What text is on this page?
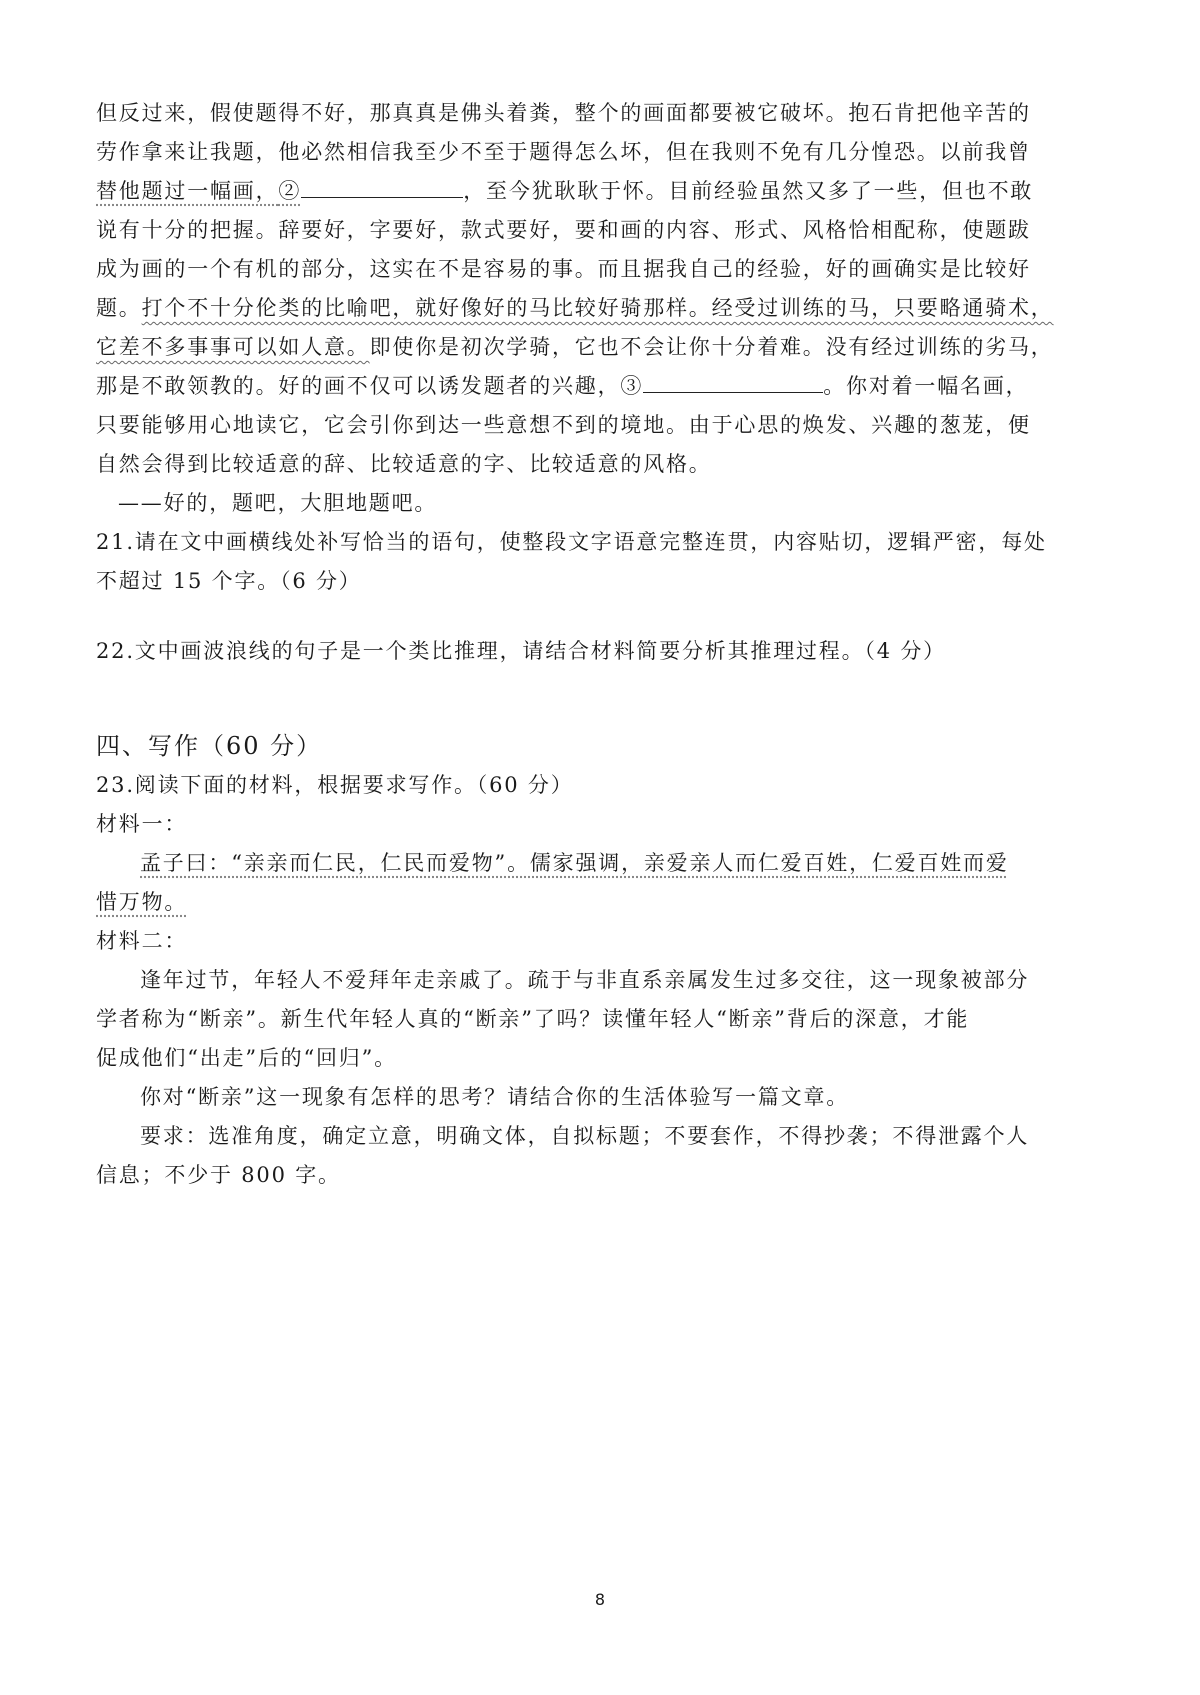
但反过来，假使题得不好，那真真是佛头着粪，整个的画面都要被它破坏。抱石肯把他辛苦的
劳作拿来让我题，他必然相信我至少不至于题得怎么坏，但在我则不免有几分惶恐。以前我曾
替他题过一幅画，②	，至今犹耿耿于怀。目前经验虽然又多了一些，但也不敢
说有十分的把握。辞要好，字要好，款式要好，要和画的内容、形式、风格恰相配称，使题跋
成为画的一个有机的部分，这实在不是容易的事。而且据我自己的经验，好的画确实是比较好
题。打个不十分伦类的比喻吧，就好像好的马比较好骑那样。经受过训练的马，只要略通骑术，
它差不多事事可以如人意。即使你是初次学骑，它也不会让你十分着难。没有经过训练的劣马，
那是不敢领教的。好的画不仅可以诱发题者的兴趣，③	。你对着一幅名画，
只要能够用心地读它，它会引你到达一些意想不到的境地。由于心思的焕发、兴趣的葱茏，便
自然会得到比较适意的辞、比较适意的字、比较适意的风格。
——好的，题吧，大胆地题吧。
21.请在文中画横线处补写恰当的语句，使整段文字语意完整连贯，内容贴切，逻辑严密，每处
不超过 15 个字。（6 分）
22.文中画波浪线的句子是一个类比推理，请结合材料简要分析其推理过程。（4 分）
四、写作（60 分）
23.阅读下面的材料，根据要求写作。（60 分）
材料一：
孟子曰：“亲亲而仁民，仁民而爱物”。儒家强调，亲爱亲人而仁爱百姓，仁爱百姓而爱
惜万物。
材料二：
逢年过节，年轻人不爱拜年走亲戚了。疏于与非直系亲属发生过多交往，这一现象被部分
学者称为“断亲”。新生代年轻人真的“断亲”了吗？读懂年轻人“断亲”背后的深意，才能
促成他们“出走”后的“回归”。
你对“断亲”这一现象有怎样的思考？请结合你的生活体验写一篇文章。
要求：选准角度，确定立意，明确文体，自拟标题；不要套作，不得抄袭；不得泄露个人
信息；不少于 800 字。
8
